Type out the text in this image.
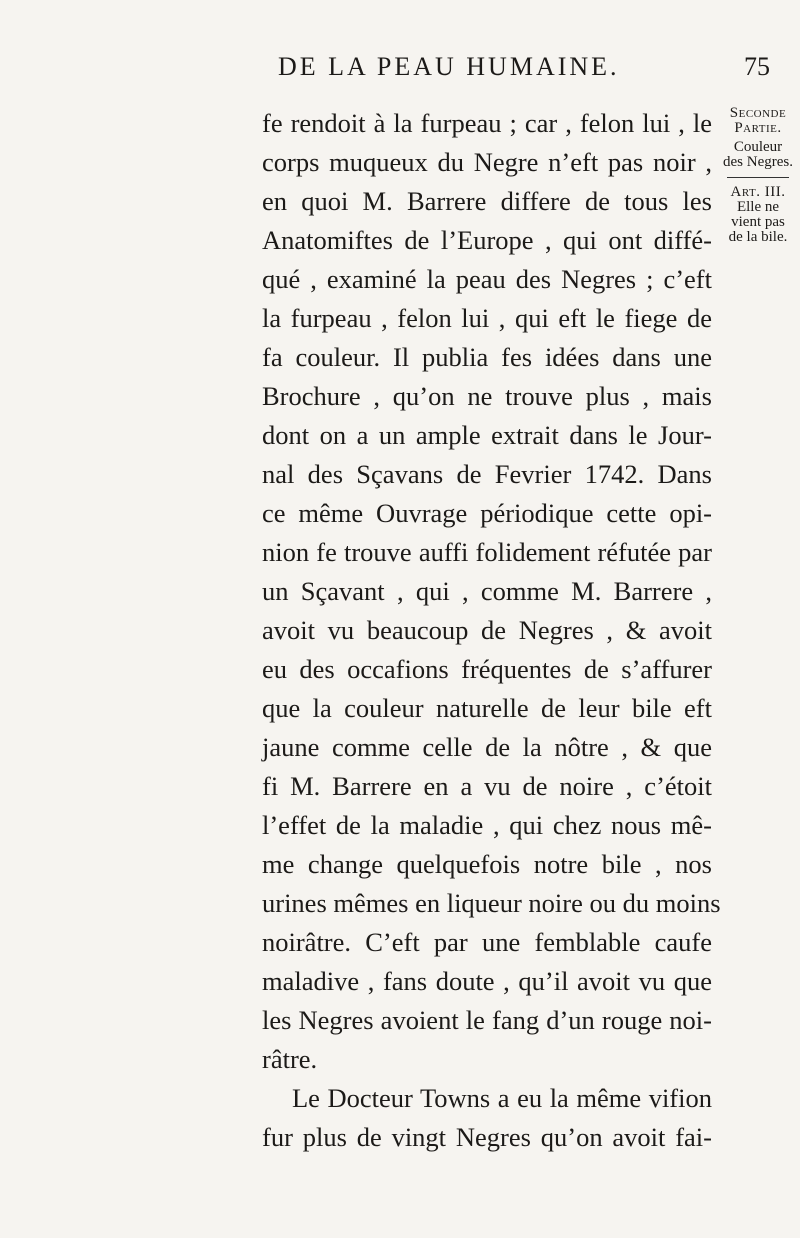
DE LA PEAU HUMAINE.	75
Seconde
Partie.
Couleur
des Negres.
Art. III.
Elle ne
vient pas
de la bile.
fe rendoit à la furpeau ; car , felon lui , le
corps muqueux du Negre n’eft pas noir ,
en quoi M. Barrere differe de tous les
Anatomiftes de l’Europe , qui ont diffé-
qué , examiné la peau des Negres ; c’eft
la furpeau , felon lui , qui eft le fiege de
fa couleur. Il publia fes idées dans une
Brochure , qu’on ne trouve plus , mais
dont on a un ample extrait dans le Jour-
nal des Sçavans de Fevrier 1742. Dans
ce même Ouvrage périodique cette opi-
nion fe trouve auffi folidement réfutée par
un Sçavant , qui , comme M. Barrere ,
avoit vu beaucoup de Negres , & avoit
eu des occafions fréquentes de s’affurer
que la couleur naturelle de leur bile eft
jaune comme celle de la nôtre , & que
fi M. Barrere en a vu de noire , c’étoit
l’effet de la maladie , qui chez nous mê-
me change quelquefois notre bile , nos
urines mêmes en liqueur noire ou du moins
noirâtre. C’eft par une femblable caufe
maladive , fans doute , qu’il avoit vu que
les Negres avoient le fang d’un rouge noi-
râtre.
Le Docteur Towns a eu la même vifion
fur plus de vingt Negres qu’on avoit fai-
